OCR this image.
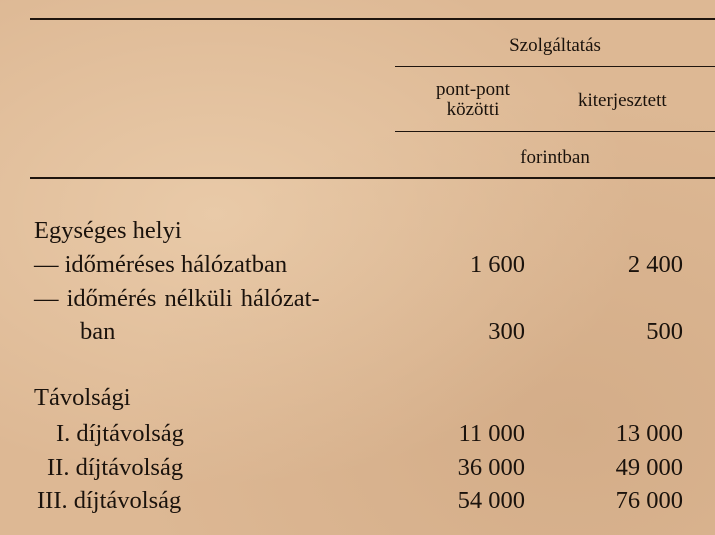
Szolgáltatás
pont-pont
közötti	kiterjesztett
forintban
Egységes helyi
— időméréses hálózatban	1 600	2 400
— időmérés nélküli hálózat-
ban	300	500
Távolsági
I. díjtávolság	11 000	13 000
II. díjtávolság	36 000	49 000
III. díjtávolság	54 000	76 000
